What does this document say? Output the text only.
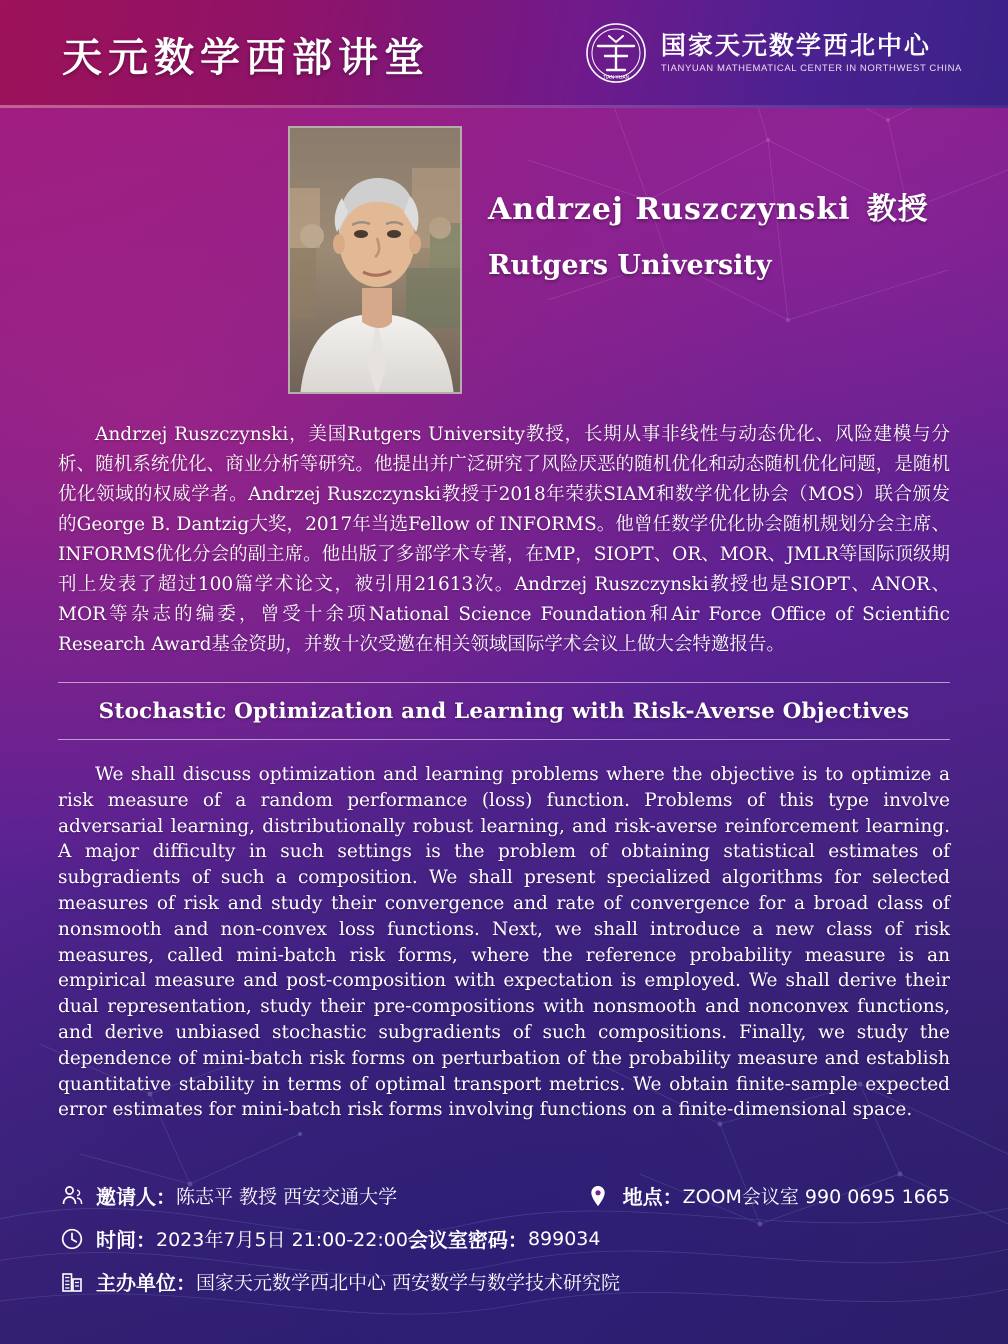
天元数学西部讲堂	TIAN YUAN
国家天元数学西北中心
TIANYUAN MATHEMATICAL CENTER IN NORTHWEST CHINA
Andrzej Ruszczynski 教授
Rutgers University
Andrzej Ruszczynski，美国Rutgers University教授，长期从事非线性与动态优化、风险建模与分析、随机系统优化、商业分析等研究。他提出并广泛研究了风险厌恶的随机优化和动态随机优化问题，是随机优化领域的权威学者。Andrzej Ruszczynski教授于2018年荣获SIAM和数学优化协会（MOS）联合颁发的George B. Dantzig大奖，2017年当选Fellow of INFORMS。他曾任数学优化协会随机规划分会主席、INFORMS优化分会的副主席。他出版了多部学术专著，在MP，SIOPT、OR、MOR、JMLR等国际顶级期刊上发表了超过100篇学术论文，被引用21613次。Andrzej Ruszczynski教授也是SIOPT、ANOR、MOR等杂志的编委，曾受十余项National Science Foundation和Air Force Office of Scientific Research Award基金资助，并数十次受邀在相关领域国际学术会议上做大会特邀报告。
Stochastic Optimization and Learning with Risk-Averse Objectives
We shall discuss optimization and learning problems where the objective is to optimize a risk measure of a random performance (loss) function. Problems of this type involve adversarial learning, distributionally robust learning, and risk-averse reinforcement learning. A major difficulty in such settings is the problem of obtaining statistical estimates of subgradients of such a composition. We shall present specialized algorithms for selected measures of risk and study their convergence and rate of convergence for a broad class of nonsmooth and non-convex loss functions. Next, we shall introduce a new class of risk measures, called mini-batch risk forms, where the reference probability measure is an empirical measure and post-composition with expectation is employed. We shall derive their dual representation, study their pre-compositions with nonsmooth and nonconvex functions, and derive unbiased stochastic subgradients of such compositions. Finally, we study the dependence of mini-batch risk forms on perturbation of the probability measure and establish quantitative stability in terms of optimal transport metrics. We obtain finite-sample expected error estimates for mini-batch risk forms involving functions on a finite-dimensional space.
邀请人： 陈志平 教授 西安交通大学	地点： ZOOM会议室 990 0695 1665
时间： 2023年7月5日 21:00-22:00 会议室密码： 899034
主办单位： 国家天元数学西北中心 西安数学与数学技术研究院
